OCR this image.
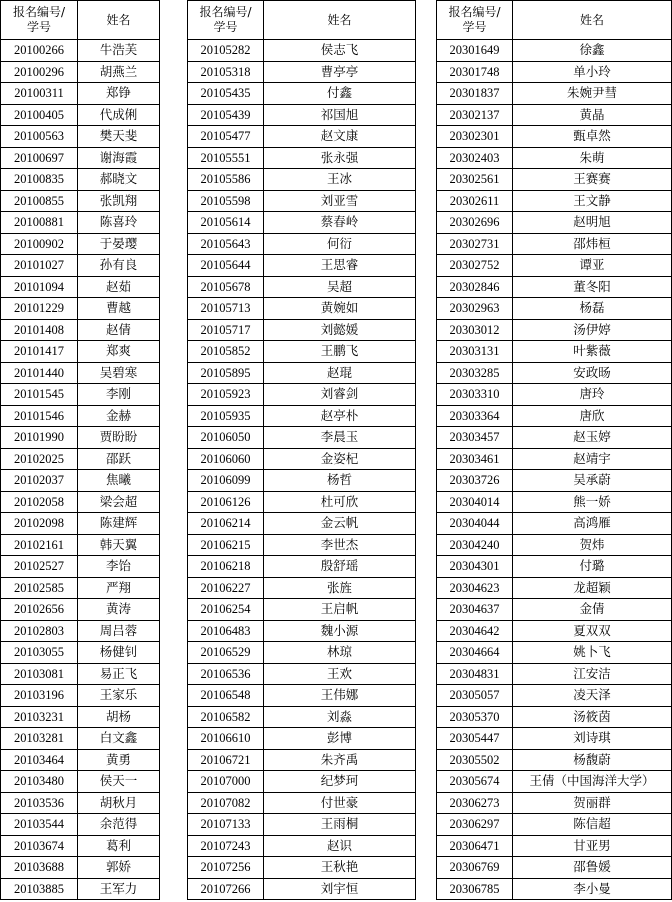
报名编号/
学号	姓名
20100266	牛浩芙
20100296	胡燕兰
20100311	郑铮
20100405	代成俐
20100563	樊天斐
20100697	谢海霞
20100835	郝晓文
20100855	张凯翔
20100881	陈喜玲
20100902	于晏璎
20101027	孙有良
20101094	赵茹
20101229	曹越
20101408	赵倩
20101417	郑爽
20101440	吴碧寒
20101545	李刚
20101546	金赫
20101990	贾盼盼
20102025	邵跃
20102037	焦曦
20102058	梁会超
20102098	陈建辉
20102161	韩天翼
20102527	李饴
20102585	严翔
20102656	黄涛
20102803	周吕蓉
20103055	杨健钊
20103081	易正飞
20103196	王家乐
20103231	胡杨
20103281	白文鑫
20103464	黄勇
20103480	侯天一
20103536	胡秋月
20103544	余范得
20103674	葛利
20103688	郭娇
20103885	王军力
报名编号/
学号	姓名
20105282	侯志飞
20105318	曹亭亭
20105435	付鑫
20105439	祁国旭
20105477	赵文康
20105551	张永强
20105586	王冰
20105598	刘亚雪
20105614	蔡春岭
20105643	何衍
20105644	王思睿
20105678	吴超
20105713	黄婉如
20105717	刘懿媛
20105852	王鹏飞
20105895	赵琨
20105923	刘睿剑
20105935	赵亭朴
20106050	李晨玉
20106060	金姿杞
20106099	杨哲
20106126	杜可欣
20106214	金云帆
20106215	李世杰
20106218	殷舒瑶
20106227	张旌
20106254	王启帆
20106483	魏小源
20106529	林琼
20106536	王欢
20106548	王伟娜
20106582	刘淼
20106610	彭博
20106721	朱齐禹
20107000	纪梦珂
20107082	付世豪
20107133	王雨桐
20107243	赵识
20107256	王秋艳
20107266	刘宇恒
报名编号/
学号	姓名
20301649	徐鑫
20301748	单小玲
20301837	朱婉尹彗
20302137	黄晶
20302301	甄卓然
20302403	朱萌
20302561	王赛赛
20302611	王文静
20302696	赵明旭
20302731	邵炜桓
20302752	谭亚
20302846	董冬阳
20302963	杨磊
20303012	汤伊婷
20303131	叶紫薇
20303285	安政旸
20303310	唐玲
20303364	唐欣
20303457	赵玉婷
20303461	赵靖宇
20303726	吴承蔚
20304014	熊一娇
20304044	高鸿雁
20304240	贺炜
20304301	付璐
20304623	龙超颖
20304637	金倩
20304642	夏双双
20304664	姚卜飞
20304831	江安洁
20305057	凌天泽
20305370	汤筱茵
20305447	刘诗琪
20305502	杨馥蔚
20305674	王倩（中国海洋大学）
20306273	贺丽群
20306297	陈信超
20306471	甘亚男
20306769	邵鲁媛
20306785	李小曼
